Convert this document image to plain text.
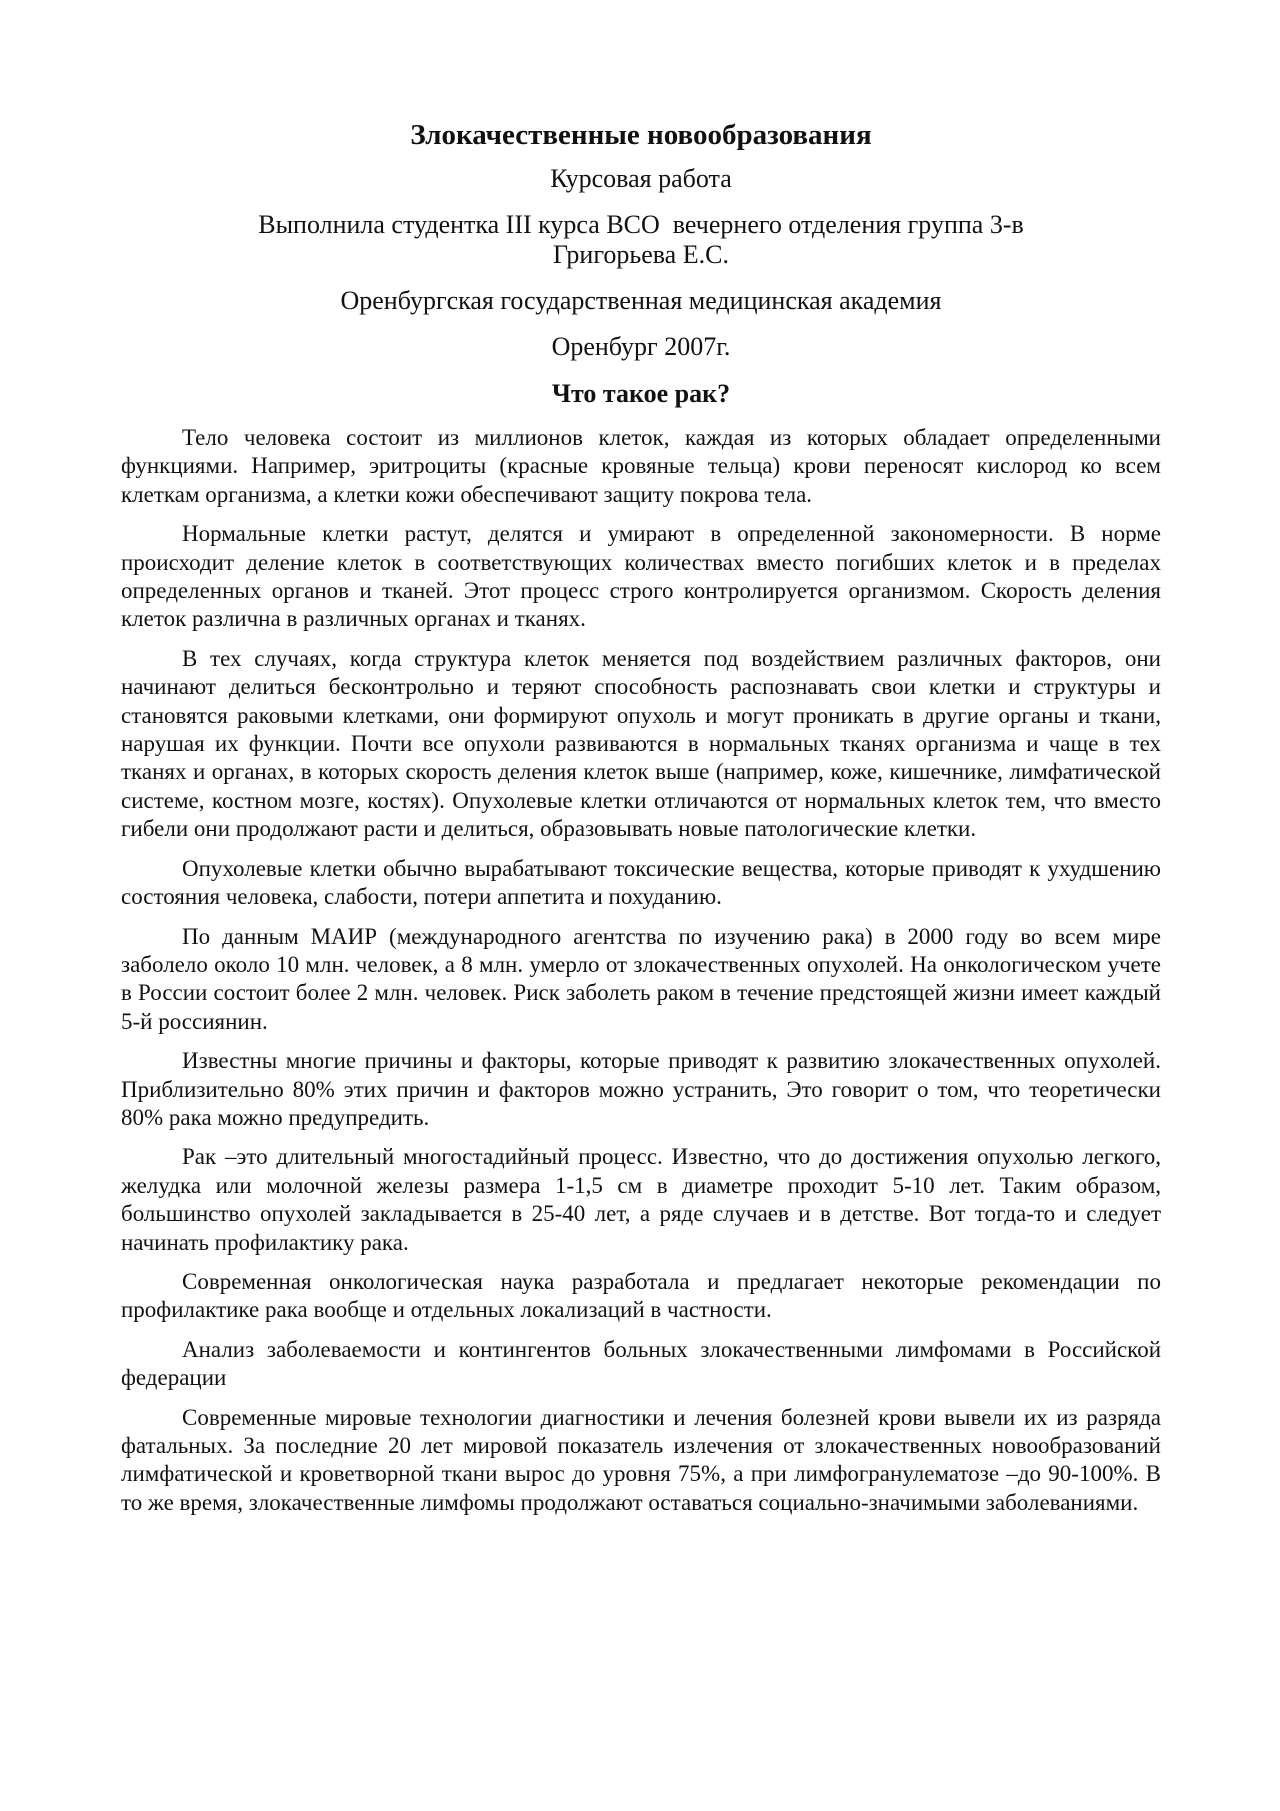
Злокачественные новообразования
Курсовая работа
Выполнила студентка III курса ВСО  вечернего отделения группа 3-в
Григорьева Е.С.
Оренбургская государственная медицинская академия
Оренбург 2007г.
Что такое рак?

Тело человека состоит из миллионов клеток, каждая из которых обладает определенными функциями. Например, эритроциты (красные кровяные тельца) крови переносят кислород ко всем клеткам организма, а клетки кожи обеспечивают защиту покрова тела.

Нормальные клетки растут, делятся и умирают в определенной закономерности. В норме происходит деление клеток в соответствующих количествах вместо погибших клеток и в пределах определенных органов и тканей. Этот процесс строго контролируется организмом. Скорость деления клеток различна в различных органах и тканях.

В тех случаях, когда структура клеток меняется под воздействием различных факторов, они начинают делиться бесконтрольно и теряют способность распознавать свои клетки и структуры и становятся раковыми клетками, они формируют опухоль и могут проникать в другие органы и ткани, нарушая их функции. Почти все опухоли развиваются в нормальных тканях организма и чаще в тех тканях и органах, в которых скорость деления клеток выше (например, коже, кишечнике, лимфатической системе, костном мозге, костях). Опухолевые клетки отличаются от нормальных клеток тем, что вместо гибели они продолжают расти и делиться, образовывать новые патологические клетки.

Опухолевые клетки обычно вырабатывают токсические вещества, которые приводят к ухудшению состояния человека, слабости, потери аппетита и похуданию.

По данным МАИР (международного агентства по изучению рака) в 2000 году во всем мире заболело около 10 млн. человек, а 8 млн. умерло от злокачественных опухолей. На онкологическом учете в России состоит более 2 млн. человек. Риск заболеть раком в течение предстоящей жизни имеет каждый 5-й россиянин.

Известны многие причины и факторы, которые приводят к развитию злокачественных опухолей. Приблизительно 80% этих причин и факторов можно устранить, Это говорит о том, что теоретически 80% рака можно предупредить.

Рак –это длительный многостадийный процесс. Известно, что до достижения опухолью легкого, желудка или молочной железы размера 1-1,5 см в диаметре проходит 5-10 лет. Таким образом, большинство опухолей закладывается в 25-40 лет, а ряде случаев и в детстве. Вот тогда-то и следует начинать профилактику рака.

Современная онкологическая наука разработала и предлагает некоторые рекомендации по профилактике рака вообще и отдельных локализаций в частности.

Анализ заболеваемости и контингентов больных злокачественными лимфомами в Российской федерации

Современные мировые технологии диагностики и лечения болезней крови вывели их из разряда фатальных. За последние 20 лет мировой показатель излечения от злокачественных новообразований лимфатической и кроветворной ткани вырос до уровня 75%, а при лимфогранулематозе –до 90-100%. В то же время, злокачественные лимфомы продолжают оставаться социально-значимыми заболеваниями.
